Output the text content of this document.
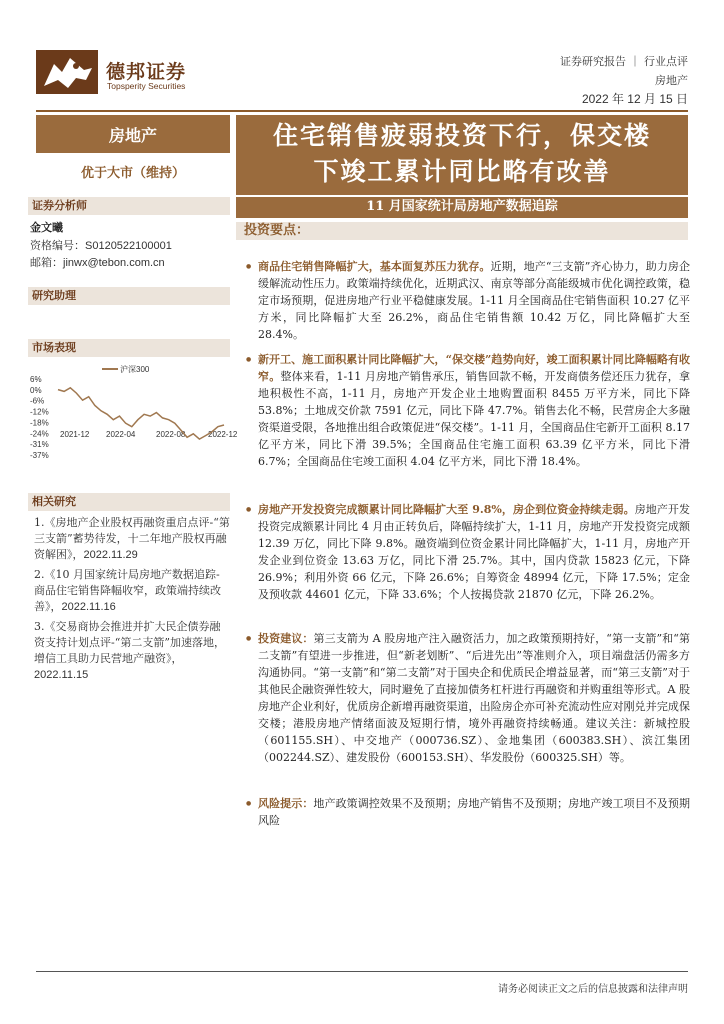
德邦证券
Topsperity Securities
证券研究报告 ｜ 行业点评
房地产
2022 年 12 月 15 日
房地产
优于大市（维持）
证券分析师
金文曦
资格编号：S0120522100001
邮箱：jinwx@tebon.com.cn
研究助理
市场表现
6%
0%
-6%
-12%
-18%
-24%
-31%
-37%
2021-12 2022-04	2022-08	2022-12
沪深300
相关研究
1.《房地产企业股权再融资重启点评-“第三支箭”蓄势待发，十二年地产股权再融资解困》，2022.11.29
2.《10 月国家统计局房地产数据追踪-商品住宅销售降幅收窄，政策端持续改善》，2022.11.16
3.《交易商协会推进并扩大民企债券融资支持计划点评-“第二支箭”加速落地，增信工具助力民营地产融资》，
2022.11.15
住宅销售疲弱投资下行，保交楼
下竣工累计同比略有改善
11 月国家统计局房地产数据追踪
投资要点：
● 商品住宅销售降幅扩大，基本面复苏压力犹存。近期，地产“三支箭”齐心协力，助力房企缓解流动性压力。政策端持续优化，近期武汉、南京等部分高能级城市优化调控政策，稳定市场预期，促进房地产行业平稳健康发展。1-11 月全国商品住宅销售面积 10.27 亿平方米，同比降幅扩大至 26.2%，商品住宅销售额 10.42 万亿，同比降幅扩大至 28.4%。
● 新开工、施工面积累计同比降幅扩大，“保交楼”趋势向好，竣工面积累计同比降幅略有收窄。整体来看，1-11 月房地产销售承压，销售回款不畅，开发商债务偿还压力犹存，拿地积极性不高，1-11 月，房地产开发企业土地购置面积 8455 万平方米，同比下降 53.8%；土地成交价款 7591 亿元，同比下降 47.7%。销售去化不畅，民营房企大多融资渠道受限，各地推出组合政策促进“保交楼”。1-11 月，全国商品住宅新开工面积 8.17 亿平方米，同比下滑 39.5%；全国商品住宅施工面积 63.39 亿平方米，同比下滑 6.7%；全国商品住宅竣工面积 4.04 亿平方米，同比下滑 18.4%。
● 房地产开发投资完成额累计同比降幅扩大至 9.8%，房企到位资金持续走弱。房地产开发投资完成额累计同比 4 月由正转负后，降幅持续扩大，1-11 月，房地产开发投资完成额 12.39 万亿，同比下降 9.8%。融资端到位资金累计同比降幅扩大，1-11 月，房地产开发企业到位资金 13.63 万亿，同比下滑 25.7%。其中，国内贷款 15823 亿元，下降 26.9%；利用外资 66 亿元，下降 26.6%；自筹资金 48994 亿元，下降 17.5%；定金及预收款 44601 亿元，下降 33.6%；个人按揭贷款 21870 亿元，下降 26.2%。
● 投资建议：第三支箭为 A 股房地产注入融资活力，加之政策预期持好，“第一支箭”和“第二支箭”有望进一步推进，但“新老划断”、“后进先出”等准则介入，项目端盘活仍需多方沟通协同。“第一支箭”和“第二支箭”对于国央企和优质民企增益显著，而“第三支箭”对于其他民企融资弹性较大，同时避免了直接加债务杠杆进行再融资和并购重组等形式。A 股房地产企业利好，优质房企新增再融资渠道，出险房企亦可补充流动性应对刚兑并完成保交楼；港股房地产情绪面波及短期行情，境外再融资持续畅通。建议关注：新城控股（601155.SH）、中交地产（000736.SZ）、金地集团（600383.SH）、滨江集团（002244.SZ）、建发股份（600153.SH）、华发股份（600325.SH）等。
● 风险提示：地产政策调控效果不及预期；房地产销售不及预期；房地产竣工项目不及预期风险
请务必阅读正文之后的信息披露和法律声明
